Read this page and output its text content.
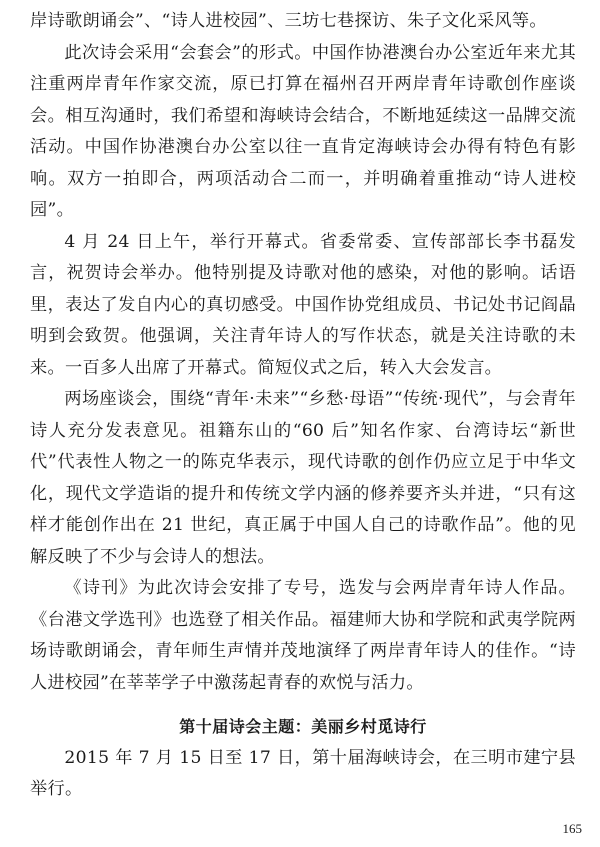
岸诗歌朗诵会”、“诗人进校园”、三坊七巷探访、朱子文化采风等。

此次诗会采用“会套会”的形式。中国作协港澳台办公室近年来尤其注重两岸青年作家交流，原已打算在福州召开两岸青年诗歌创作座谈会。相互沟通时，我们希望和海峡诗会结合，不断地延续这一品牌交流活动。中国作协港澳台办公室以往一直肯定海峡诗会办得有特色有影响。双方一拍即合，两项活动合二而一，并明确着重推动“诗人进校园”。

4 月 24 日上午，举行开幕式。省委常委、宣传部部长李书磊发言，祝贺诗会举办。他特别提及诗歌对他的感染，对他的影响。话语里，表达了发自内心的真切感受。中国作协党组成员、书记处书记阎晶明到会致贺。他强调，关注青年诗人的写作状态，就是关注诗歌的未来。一百多人出席了开幕式。简短仪式之后，转入大会发言。

两场座谈会，围绕“青年·未来”“乡愁·母语”“传统·现代”，与会青年诗人充分发表意见。祖籍东山的“60 后”知名作家、台湾诗坛“新世代”代表性人物之一的陈克华表示，现代诗歌的创作仍应立足于中华文化，现代文学造诣的提升和传统文学内涵的修养要齐头并进，“只有这样才能创作出在 21 世纪，真正属于中国人自己的诗歌作品”。他的见解反映了不少与会诗人的想法。

《诗刊》为此次诗会安排了专号，选发与会两岸青年诗人作品。《台港文学选刊》也选登了相关作品。福建师大协和学院和武夷学院两场诗歌朗诵会，青年师生声情并茂地演绎了两岸青年诗人的佳作。“诗人进校园”在莘莘学子中激荡起青春的欢悦与活力。

第十届诗会主题：美丽乡村觅诗行

2015 年 7 月 15 日至 17 日，第十届海峡诗会，在三明市建宁县举行。

165
